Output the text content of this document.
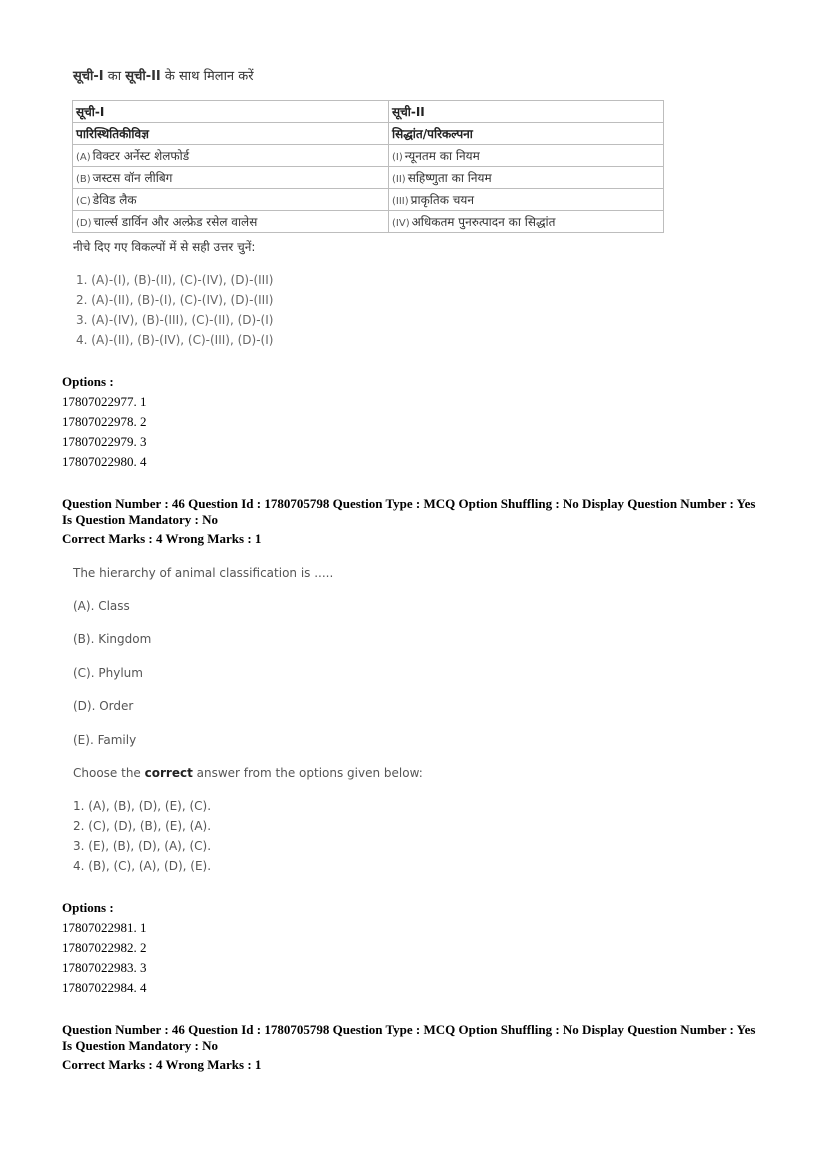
सूची-I का सूची-II के साथ मिलान करें
सूची-I	सूची-II
पारिस्थितिकीविज्ञ	सिद्धांत/परिकल्पना
(A) विक्टर अर्नेस्ट शेलफोर्ड	(I) न्यूनतम का नियम
(B) जस्टस वॉन लीबिग	(II) सहिष्णुता का नियम
(C) डेविड लैक	(III) प्राकृतिक चयन
(D) चार्ल्स डार्विन और अल्फ्रेड रसेल वालेस	(IV) अधिकतम पुनरुत्पादन का सिद्धांत
नीचे दिए गए विकल्पों में से सही उत्तर चुनें:
1. (A)-(I), (B)-(II), (C)-(IV), (D)-(III)
2. (A)-(II), (B)-(I), (C)-(IV), (D)-(III)
3. (A)-(IV), (B)-(III), (C)-(II), (D)-(I)
4. (A)-(II), (B)-(IV), (C)-(III), (D)-(I)
Options :
17807022977. 1
17807022978. 2
17807022979. 3
17807022980. 4
Question Number : 46 Question Id : 1780705798 Question Type : MCQ Option Shuffling : No Display Question Number : Yes
Is Question Mandatory : No
Correct Marks : 4 Wrong Marks : 1
The hierarchy of animal classification is .....
(A). Class
(B). Kingdom
(C). Phylum
(D). Order
(E). Family
Choose the correct answer from the options given below:
1. (A), (B), (D), (E), (C).
2. (C), (D), (B), (E), (A).
3. (E), (B), (D), (A), (C).
4. (B), (C), (A), (D), (E).
Options :
17807022981. 1
17807022982. 2
17807022983. 3
17807022984. 4
Question Number : 46 Question Id : 1780705798 Question Type : MCQ Option Shuffling : No Display Question Number : Yes
Is Question Mandatory : No
Correct Marks : 4 Wrong Marks : 1
